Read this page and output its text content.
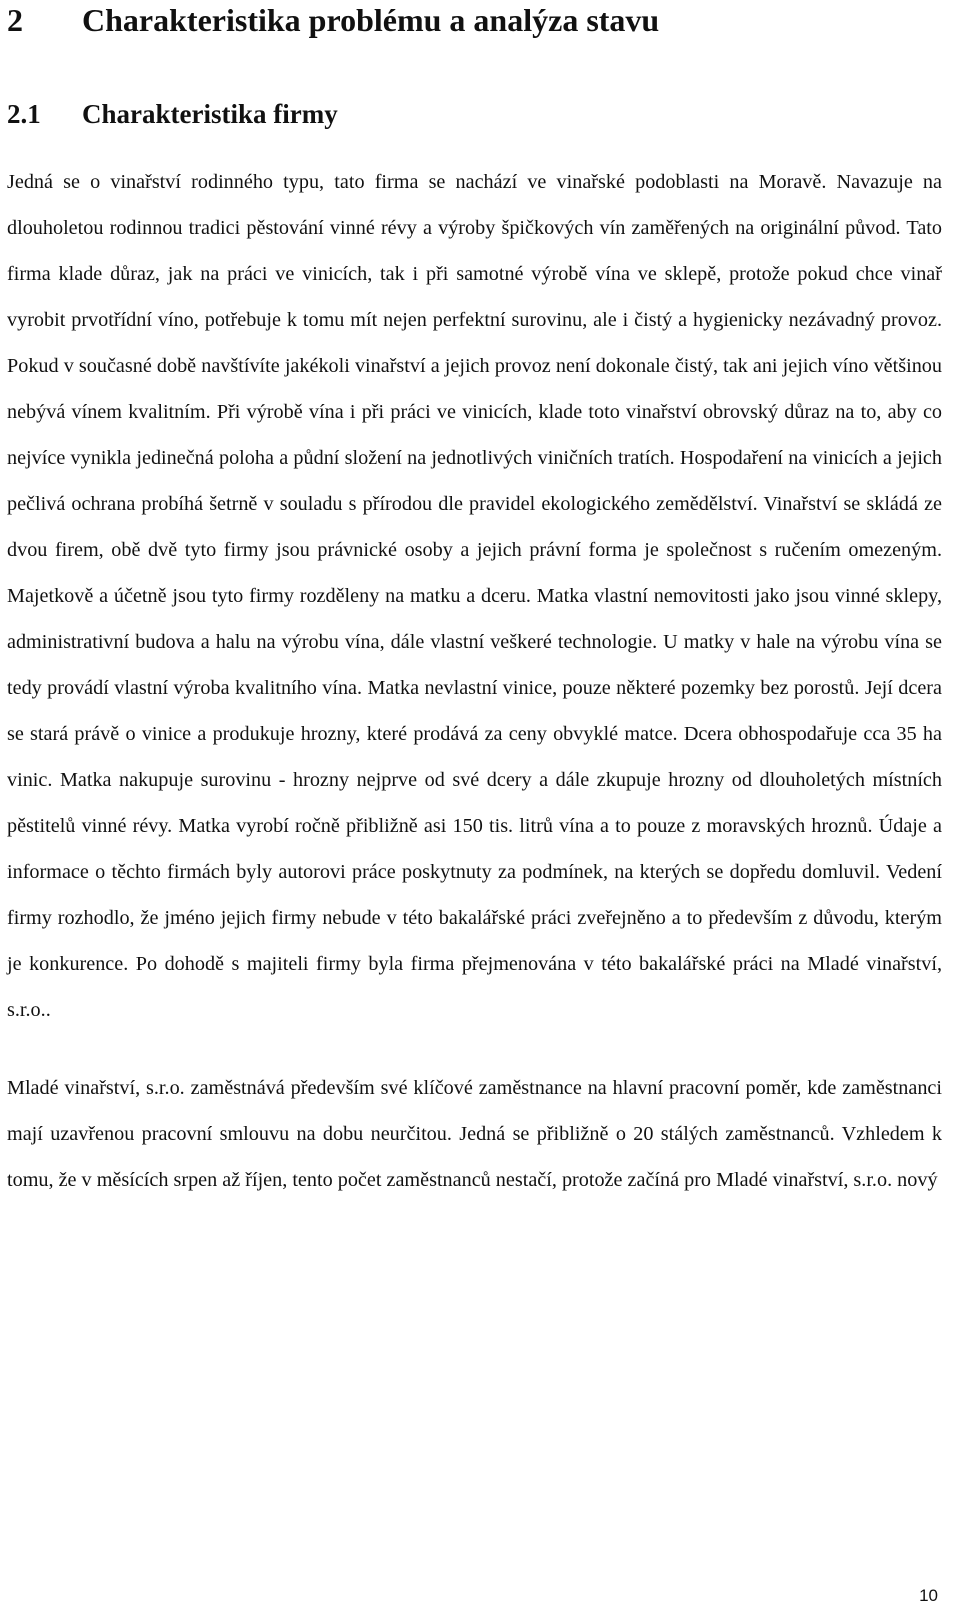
2 Charakteristika problému a analýza stavu
2.1 Charakteristika firmy

Jedná se o vinařství rodinného typu, tato firma se nachází ve vinařské podoblasti na Moravě. Navazuje na dlouholetou rodinnou tradici pěstování vinné révy a výroby špičkových vín zaměřených na originální původ. Tato firma klade důraz, jak na práci ve vinicích, tak i při samotné výrobě vína ve sklepě, protože pokud chce vinař vyrobit prvotřídní víno, potřebuje k tomu mít nejen perfektní surovinu, ale i čistý a hygienicky nezávadný provoz. Pokud v současné době navštívíte jakékoli vinařství a jejich provoz není dokonale čistý, tak ani jejich víno většinou nebývá vínem kvalitním. Při výrobě vína i při práci ve vinicích, klade toto vinařství obrovský důraz na to, aby co nejvíce vynikla jedinečná poloha a půdní složení na jednotlivých viničních tratích. Hospodaření na vinicích a jejich pečlivá ochrana probíhá šetrně v souladu s přírodou dle pravidel ekologického zemědělství. Vinařství se skládá ze dvou firem, obě dvě tyto firmy jsou právnické osoby a jejich právní forma je společnost s ručením omezeným. Majetkově a účetně jsou tyto firmy rozděleny na matku a dceru. Matka vlastní nemovitosti jako jsou vinné sklepy, administrativní budova a halu na výrobu vína, dále vlastní veškeré technologie. U matky v hale na výrobu vína se tedy provádí vlastní výroba kvalitního vína. Matka nevlastní vinice, pouze některé pozemky bez porostů. Její dcera se stará právě o vinice a produkuje hrozny, které prodává za ceny obvyklé matce. Dcera obhospodařuje cca 35 ha vinic. Matka nakupuje surovinu - hrozny nejprve od své dcery a dále zkupuje hrozny od dlouholetých místních pěstitelů vinné révy. Matka vyrobí ročně přibližně asi 150 tis. litrů vína a to pouze z moravských hroznů. Údaje a informace o těchto firmách byly autorovi práce poskytnuty za podmínek, na kterých se dopředu domluvil. Vedení firmy rozhodlo, že jméno jejich firmy nebude v této bakalářské práci zveřejněno a to především z důvodu, kterým je konkurence. Po dohodě s majiteli firmy byla firma přejmenována v této bakalářské práci na Mladé vinařství, s.r.o..

Mladé vinařství, s.r.o. zaměstnává především své klíčové zaměstnance na hlavní pracovní poměr, kde zaměstnanci mají uzavřenou pracovní smlouvu na dobu neurčitou. Jedná se přibližně o 20 stálých zaměstnanců. Vzhledem k tomu, že v měsících srpen až říjen, tento počet zaměstnanců nestačí, protože začíná pro Mladé vinařství, s.r.o. nový

10
